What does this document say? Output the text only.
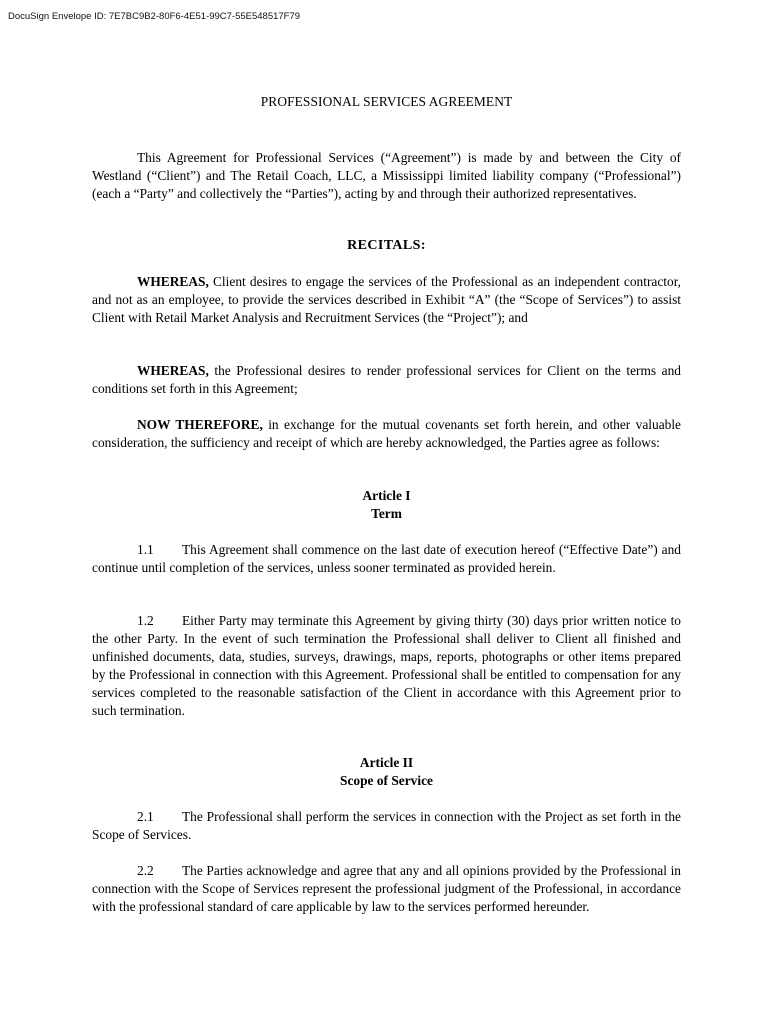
DocuSign Envelope ID: 7E7BC9B2-80F6-4E51-99C7-55E548517F79
PROFESSIONAL SERVICES AGREEMENT

This Agreement for Professional Services (“Agreement”) is made by and between the City of Westland (“Client”) and The Retail Coach, LLC, a Mississippi limited liability company (“Professional”) (each a “Party” and collectively the “Parties”), acting by and through their authorized representatives.

RECITALS:

WHEREAS, Client desires to engage the services of the Professional as an independent contractor, and not as an employee, to provide the services described in Exhibit “A” (the “Scope of Services”) to assist Client with Retail Market Analysis and Recruitment Services (the “Project”); and

WHEREAS, the Professional desires to render professional services for Client on the terms and conditions set forth in this Agreement;

NOW THEREFORE, in exchange for the mutual covenants set forth herein, and other valuable consideration, the sufficiency and receipt of which are hereby acknowledged, the Parties agree as follows:

Article I
Term

1.1 This Agreement shall commence on the last date of execution hereof (“Effective Date”) and continue until completion of the services, unless sooner terminated as provided herein.

1.2 Either Party may terminate this Agreement by giving thirty (30) days prior written notice to the other Party. In the event of such termination the Professional shall deliver to Client all finished and unfinished documents, data, studies, surveys, drawings, maps, reports, photographs or other items prepared by the Professional in connection with this Agreement. Professional shall be entitled to compensation for any services completed to the reasonable satisfaction of the Client in accordance with this Agreement prior to such termination.

Article II
Scope of Service

2.1 The Professional shall perform the services in connection with the Project as set forth in the Scope of Services.

2.2 The Parties acknowledge and agree that any and all opinions provided by the Professional in connection with the Scope of Services represent the professional judgment of the Professional, in accordance with the professional standard of care applicable by law to the services performed hereunder.
